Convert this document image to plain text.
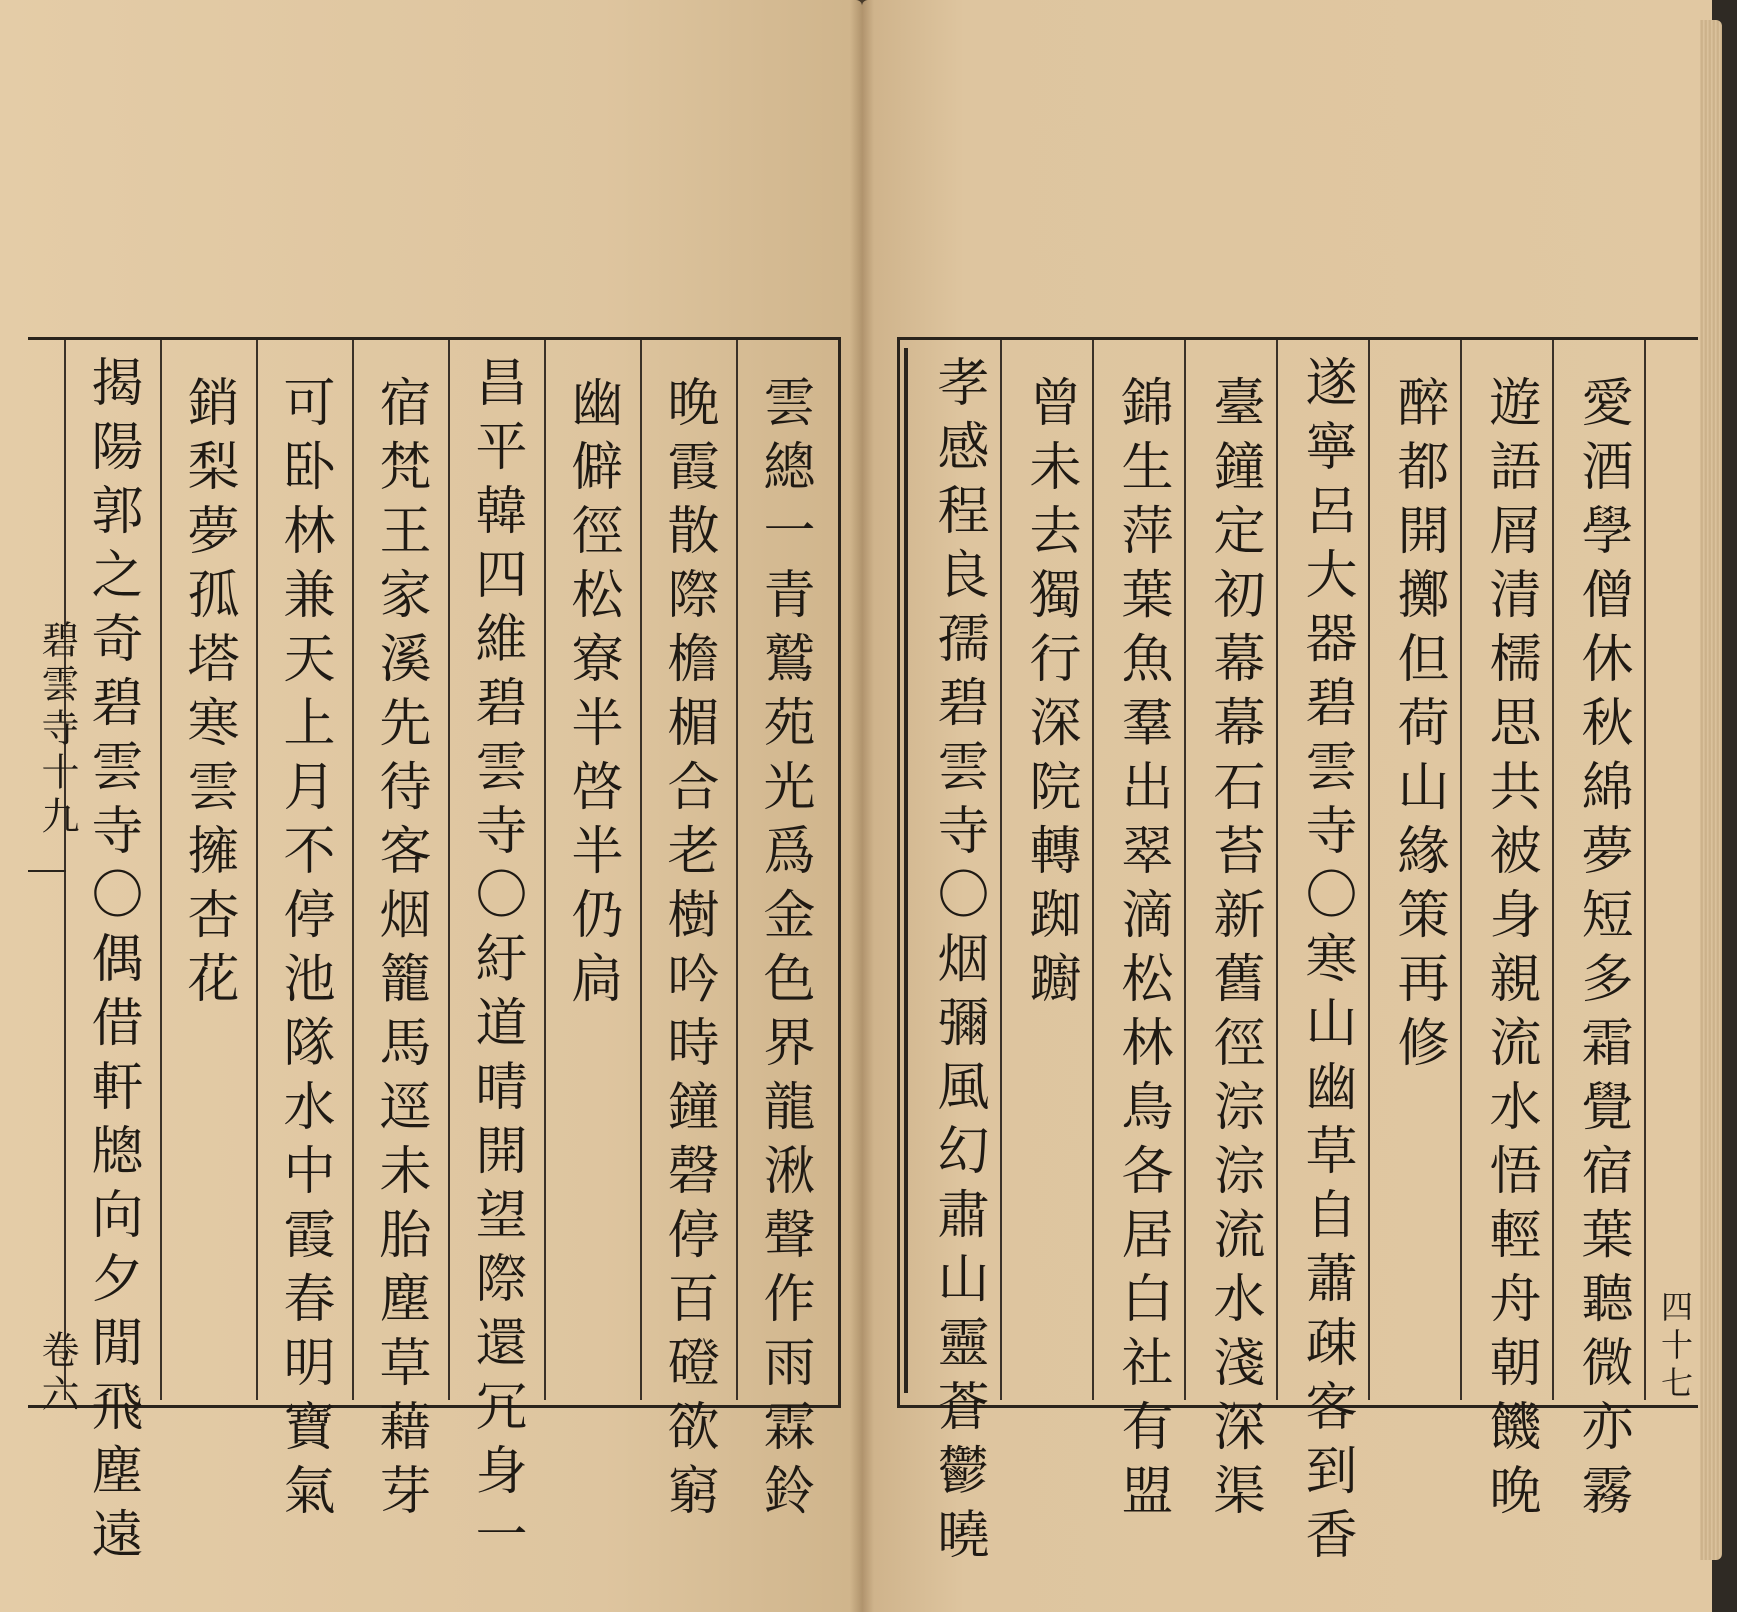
碧雲寺十九
卷六	雲總一青鷲苑光爲金色界龍湫聲作雨霖鈴
晚霞散際檐楣合老樹吟時鐘磬停百磴欲窮
幽僻徑松寮半啓半仍扃
昌平韓四維碧雲寺〇紆道晴開望際還冗身一
宿梵王家溪先待客烟籠馬逕未胎塵草藉芽
可卧林兼天上月不停池隊水中霞春明寶氣
銷梨夢孤塔寒雲擁杏花
揭陽郭之奇碧雲寺〇偶借軒牕向夕閒飛塵遠	愛酒學僧休秋綿夢短多霜覺宿葉聽微亦霧
遊語屑清檽思共被身親流水悟輕舟朝饑晚
醉都開擲但荷山緣策再修
遂寧呂大器碧雲寺〇寒山幽草自蕭疎客到香
臺鐘定初幕幕石苔新舊徑淙淙流水淺深渠
錦生萍葉魚羣出翠滴松林鳥各居白社有盟
曾未去獨行深院轉踟躕
孝感程良孺碧雲寺〇烟彌風幻肅山靈蒼鬱曉	四十七
